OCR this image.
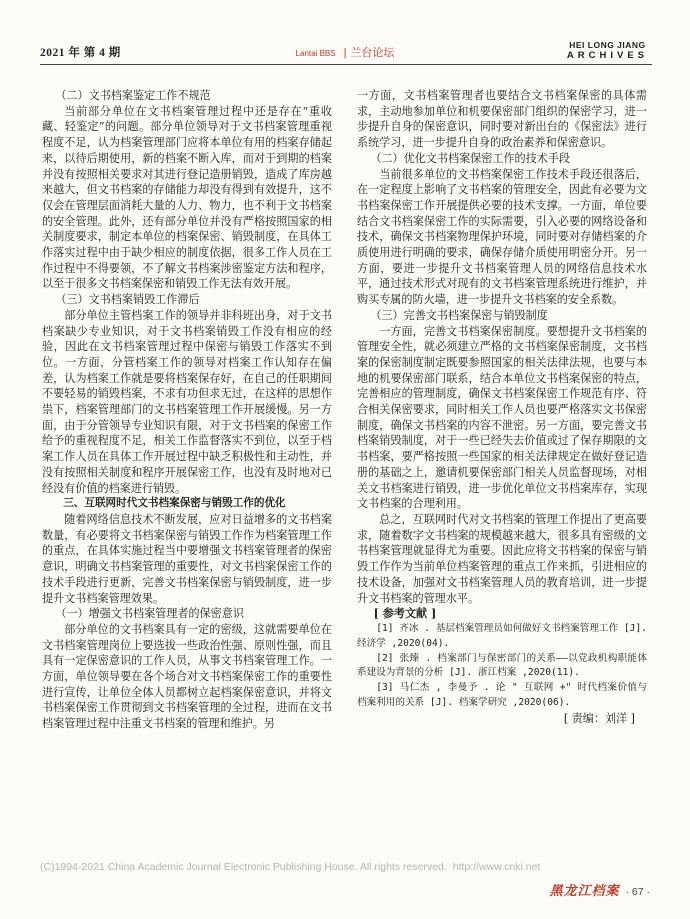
2021 年 第 4 期	Lantai BBS | 兰台论坛
HEI LONG JIANG
ARCHIVES

（二）文书档案鉴定工作不规范

当前部分单位在文书档案管理过程中还是存在“重收藏、轻鉴定”的问题。部分单位领导对于文书档案管理重视程度不足，认为档案管理部门应将本单位有用的档案存储起来，以待后期使用，新的档案不断入库，而对于到期的档案并没有按照相关要求对其进行登记造册销毁，造成了库房越来越大，但文书档案的存储能力却没有得到有效提升，这不仅会在管理层面消耗大量的人力、物力，也不利于文书档案的安全管理。此外，还有部分单位并没有严格按照国家的相关制度要求，制定本单位的档案保密、销毁制度，在具体工作落实过程中由于缺少相应的制度依据，很多工作人员在工作过程中不得要领，不了解文书档案涉密鉴定方法和程序，以至于很多文书档案保密和销毁工作无法有效开展。

（三）文书档案销毁工作滞后

部分单位主管档案工作的领导并非科班出身，对于文书档案缺少专业知识，对于文书档案销毁工作没有相应的经验，因此在文书档案管理过程中保密与销毁工作落实不到位。一方面，分管档案工作的领导对档案工作认知存在偏差，认为档案工作就是要将档案保存好，在自己的任职期间不要轻易的销毁档案，不求有功但求无过，在这样的思想作祟下，档案管理部门的文书档案管理工作开展缓慢。另一方面，由于分管领导专业知识有限，对于文书档案的保密工作给予的重视程度不足，相关工作监督落实不到位，以至于档案工作人员在具体工作开展过程中缺乏积极性和主动性，并没有按照相关制度和程序开展保密工作，也没有及时地对已经没有价值的档案进行销毁。

三、互联网时代文书档案保密与销毁工作的优化

随着网络信息技术不断发展，应对日益增多的文书档案数量，有必要将文书档案保密与销毁工作作为档案管理工作的重点，在具体实施过程当中要增强文书档案管理者的保密意识，明确文书档案管理的重要性，对文书档案保密工作的技术手段进行更新，完善文书档案保密与销毁制度，进一步提升文书档案管理效果。

（一）增强文书档案管理者的保密意识

部分单位的文书档案具有一定的密级，这就需要单位在文书档案管理岗位上要选拔一些政治性强、原则性强，而且具有一定保密意识的工作人员，从事文书档案管理工作。一方面，单位领导要在各个场合对文书档案保密工作的重要性进行宣传，让单位全体人员都树立起档案保密意识，并将文书档案保密工作贯彻到文书档案管理的全过程，进而在文书档案管理过程中注重文书档案的管理和维护。另

一方面，文书档案管理者也要结合文书档案保密的具体需求，主动地参加单位和机要保密部门组织的保密学习，进一步提升自身的保密意识，同时要对新出台的《保密法》进行系统学习，进一步提升自身的政治素养和保密意识。

（二）优化文书档案保密工作的技术手段

当前很多单位的文书档案保密工作技术手段还很落后，在一定程度上影响了文书档案的管理安全，因此有必要为文书档案保密工作开展提供必要的技术支撑。一方面，单位要结合文书档案保密工作的实际需要，引入必要的网络设备和技术，确保文书档案物理保护环境，同时要对存储档案的介质使用进行明确的要求，确保存储介质使用明密分开。另一方面，要进一步提升文书档案管理人员的网络信息技术水平，通过技术形式对现有的文书档案管理系统进行维护，并购买专属的防火墙，进一步提升文书档案的安全系数。

（三）完善文书档案保密与销毁制度

一方面，完善文书档案保密制度。要想提升文书档案的管理安全性，就必须建立严格的文书档案保密制度，文书档案的保密制度制定既要参照国家的相关法律法规，也要与本地的机要保密部门联系，结合本单位文书档案保密的特点，完善相应的管理制度，确保文书档案保密工作规范有序、符合相关保密要求，同时相关工作人员也要严格落实文书保密制度，确保文书档案的内容不泄密。另一方面，要完善文书档案销毁制度，对于一些已经失去价值或过了保存期限的文书档案，要严格按照一些国家的相关法律规定在做好登记造册的基础之上，邀请机要保密部门相关人员监督现场，对相关文书档案进行销毁，进一步优化单位文书档案库存，实现文书档案的合理利用。

总之，互联网时代对文书档案的管理工作提出了更高要求，随着数字文书档案的规模越来越大，很多具有密级的文书档案管理就显得尤为重要。因此应将文书档案的保密与销毁工作作为当前单位档案管理的重点工作来抓，引进相应的技术设备，加强对文书档案管理人员的教育培训，进一步提升文书档案的管理水平。

[ 参考文献 ]

[1] 齐冰 . 基层档案管理员如何做好文书档案管理工作 [J]. 经济学 ,2020(04).

[2] 张臻 . 档案部门与保密部门的关系——以党政机构职能体系建设为背景的分析 [J]. 浙江档案 ,2020(11).

[3] 马仁杰 , 李曼予 . 论 " 互联网 +" 时代档案价值与档案利用的关系 [J]. 档案学研究 ,2020(06).

[ 责编：刘洋 ]

(C)1994-2021 China Academic Journal Electronic Publishing House. All rights reserved. http://www.cnki.net
黑龙江档案 · 67 ·
